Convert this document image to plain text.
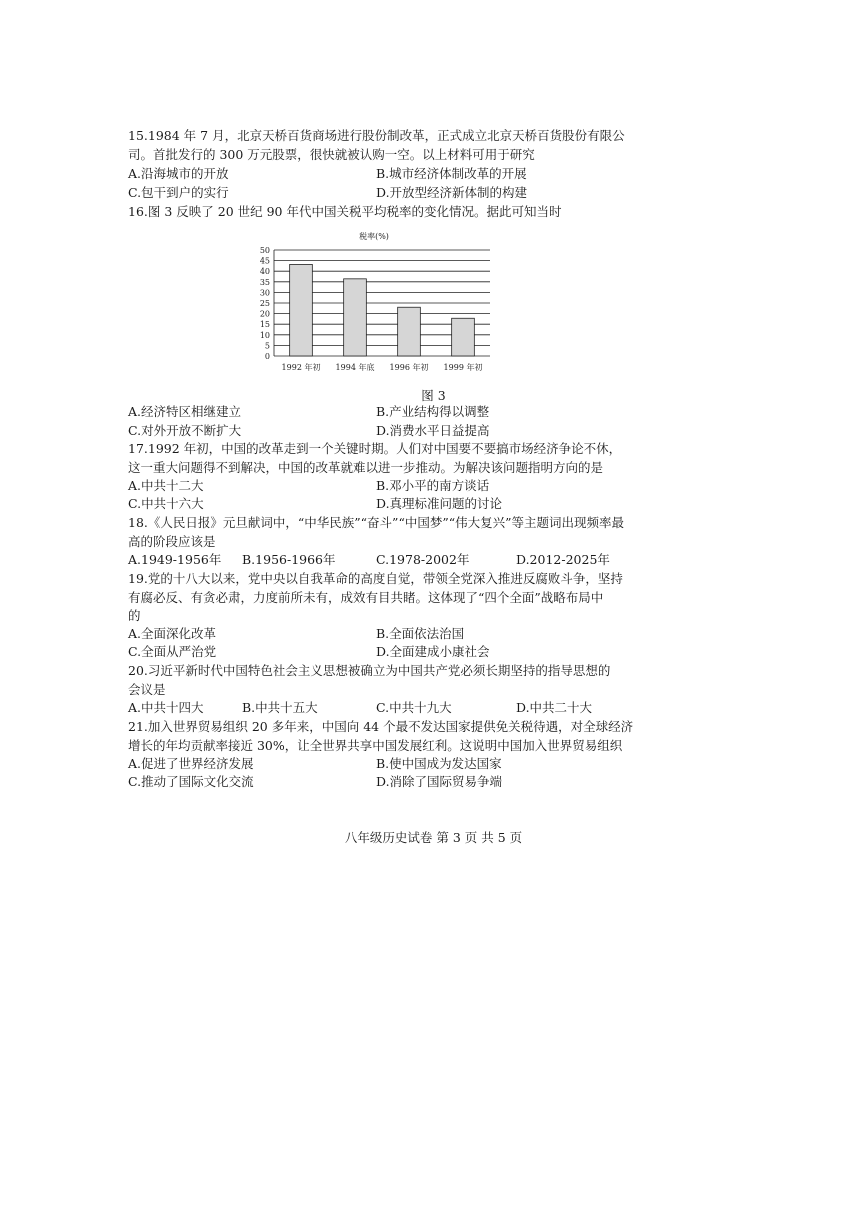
15.1984 年 7 月，北京天桥百货商场进行股份制改革，正式成立北京天桥百货股份有限公
司。首批发行的 300 万元股票，很快就被认购一空。以上材料可用于研究
A.沿海城市的开放	B.城市经济体制改革的开展
C.包干到户的实行	D.开放型经济新体制的构建
16.图 3 反映了 20 世纪 90 年代中国关税平均税率的变化情况。据此可知当时
税率(%)
0
5
10
15
20
25
30
35
40
45
50
1992 年初 1994 年底 1996 年初 1999 年初
图 3
A.经济特区相继建立	B.产业结构得以调整
C.对外开放不断扩大	D.消费水平日益提高
17.1992 年初，中国的改革走到一个关键时期。人们对中国要不要搞市场经济争论不休，
这一重大问题得不到解决，中国的改革就难以进一步推动。为解决该问题指明方向的是
A.中共十二大	B.邓小平的南方谈话
C.中共十六大	D.真理标准问题的讨论
18.《人民日报》元旦献词中，“中华民族”“奋斗”“中国梦”“伟大复兴”等主题词出现频率最
高的阶段应该是
A.1949-1956年 B.1956-1966年	C.1978-2002年	D.2012-2025年
19.党的十八大以来，党中央以自我革命的高度自觉，带领全党深入推进反腐败斗争，坚持
有腐必反、有贪必肃，力度前所未有，成效有目共睹。这体现了“四个全面”战略布局中
的
A.全面深化改革	B.全面依法治国
C.全面从严治党	D.全面建成小康社会
20.习近平新时代中国特色社会主义思想被确立为中国共产党必须长期坚持的指导思想的
会议是
A.中共十四大	B.中共十五大	C.中共十九大	D.中共二十大
21.加入世界贸易组织 20 多年来，中国向 44 个最不发达国家提供免关税待遇，对全球经济
增长的年均贡献率接近 30%，让全世界共享中国发展红利。这说明中国加入世界贸易组织
A.促进了世界经济发展	B.使中国成为发达国家
C.推动了国际文化交流	D.消除了国际贸易争端
八年级历史试卷 第 3 页 共 5 页
